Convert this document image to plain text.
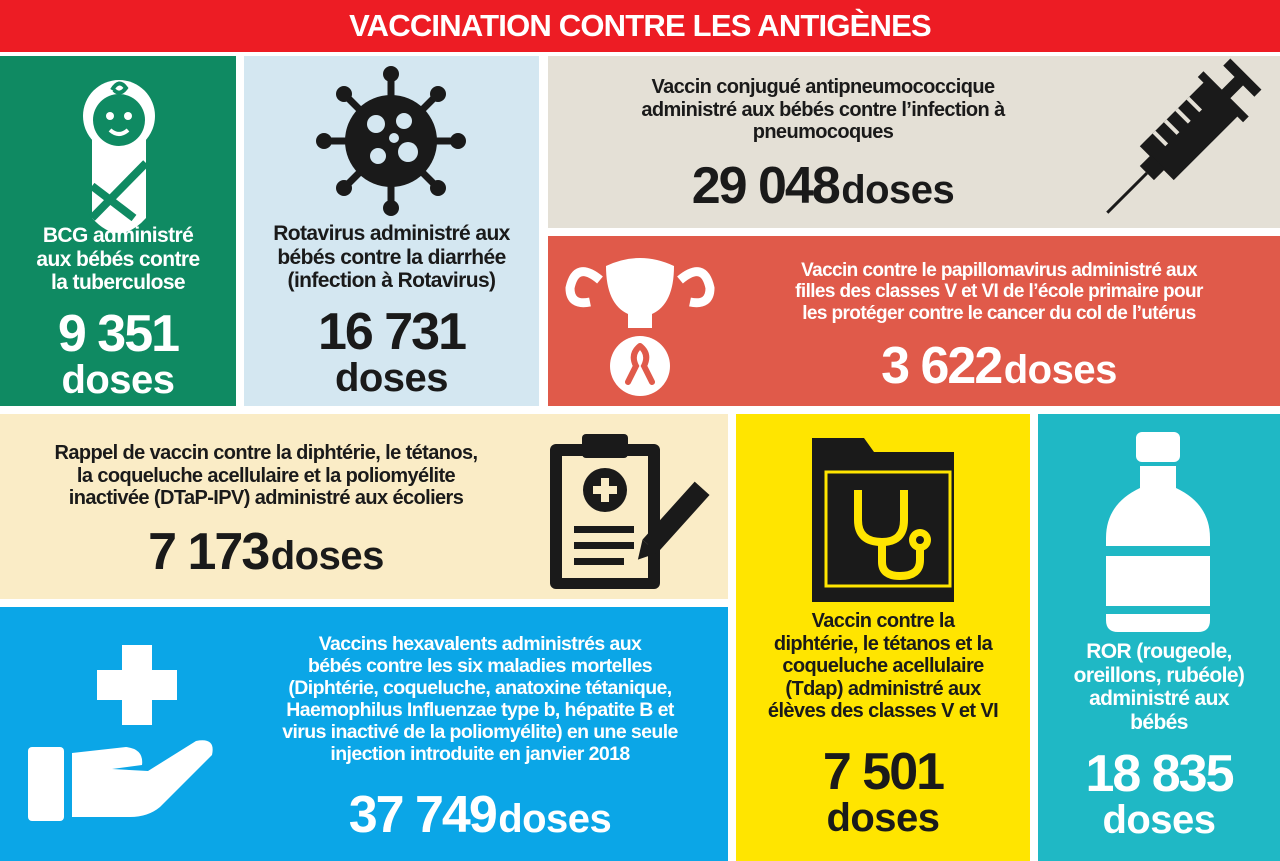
VACCINATION CONTRE LES ANTIGÈNES
BCG administré
aux bébés contre
la tuberculose
9 351
doses
Rotavirus administré aux
bébés contre la diarrhée
(infection à Rotavirus)
16 731
doses
Vaccin conjugué antipneumococcique
administré aux bébés contre l’infection à
pneumocoques
29 048 doses
Vaccin contre le papillomavirus administré aux
filles des classes V et VI de l’école primaire pour
les protéger contre le cancer du col de l’utérus
3 622 doses
Rappel de vaccin contre la diphtérie, le tétanos,
la coqueluche acellulaire et la poliomyélite
inactivée (DTaP-IPV) administré aux écoliers
7 173 doses
Vaccins hexavalents administrés aux
bébés contre les six maladies mortelles
(Diphtérie, coqueluche, anatoxine tétanique,
Haemophilus Influenzae type b, hépatite B et
virus inactivé de la poliomyélite) en une seule
injection introduite en janvier 2018
37 749 doses
Vaccin contre la
diphtérie, le tétanos et la
coqueluche acellulaire
(Tdap) administré aux
élèves des classes V et VI
7 501
doses
ROR (rougeole,
oreillons, rubéole)
administré aux
bébés
18 835
doses
